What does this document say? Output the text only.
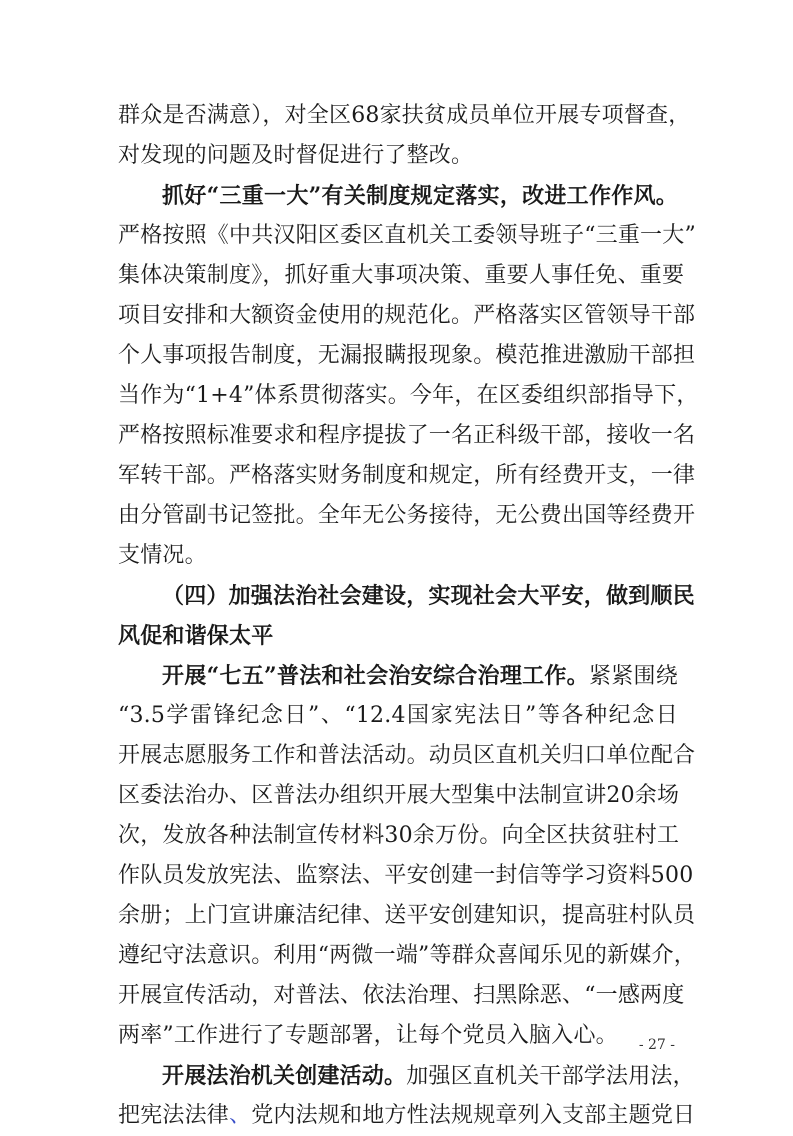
群众是否满意），对全区68家扶贫成员单位开展专项督查，
对发现的问题及时督促进行了整改。
抓好“三重一大”有关制度规定落实，改进工作作风。
严格按照《中共汉阳区委区直机关工委领导班子“三重一大”
集体决策制度》，抓好重大事项决策、重要人事任免、重要
项目安排和大额资金使用的规范化。严格落实区管领导干部
个人事项报告制度，无漏报瞒报现象。模范推进激励干部担
当作为“1+4”体系贯彻落实。今年，在区委组织部指导下，
严格按照标准要求和程序提拔了一名正科级干部，接收一名
军转干部。严格落实财务制度和规定，所有经费开支，一律
由分管副书记签批。全年无公务接待，无公费出国等经费开
支情况。
（四）加强法治社会建设，实现社会大平安，做到顺民
风促和谐保太平
开展“七五”普法和社会治安综合治理工作。紧紧围绕
“3.5学雷锋纪念日”、“12.4国家宪法日”等各种纪念日
开展志愿服务工作和普法活动。动员区直机关归口单位配合
区委法治办、区普法办组织开展大型集中法制宣讲20余场
次，发放各种法制宣传材料30余万份。向全区扶贫驻村工
作队员发放宪法、监察法、平安创建一封信等学习资料500
余册；上门宣讲廉洁纪律、送平安创建知识，提高驻村队员
遵纪守法意识。利用“两微一端”等群众喜闻乐见的新媒介，
开展宣传活动，对普法、依法治理、扫黑除恶、“一感两度
两率”工作进行了专题部署，让每个党员入脑入心。
开展法治机关创建活动。加强区直机关干部学法用法，
把宪法法律、党内法规和地方性法规规章列入支部主题党日
- 27 -
